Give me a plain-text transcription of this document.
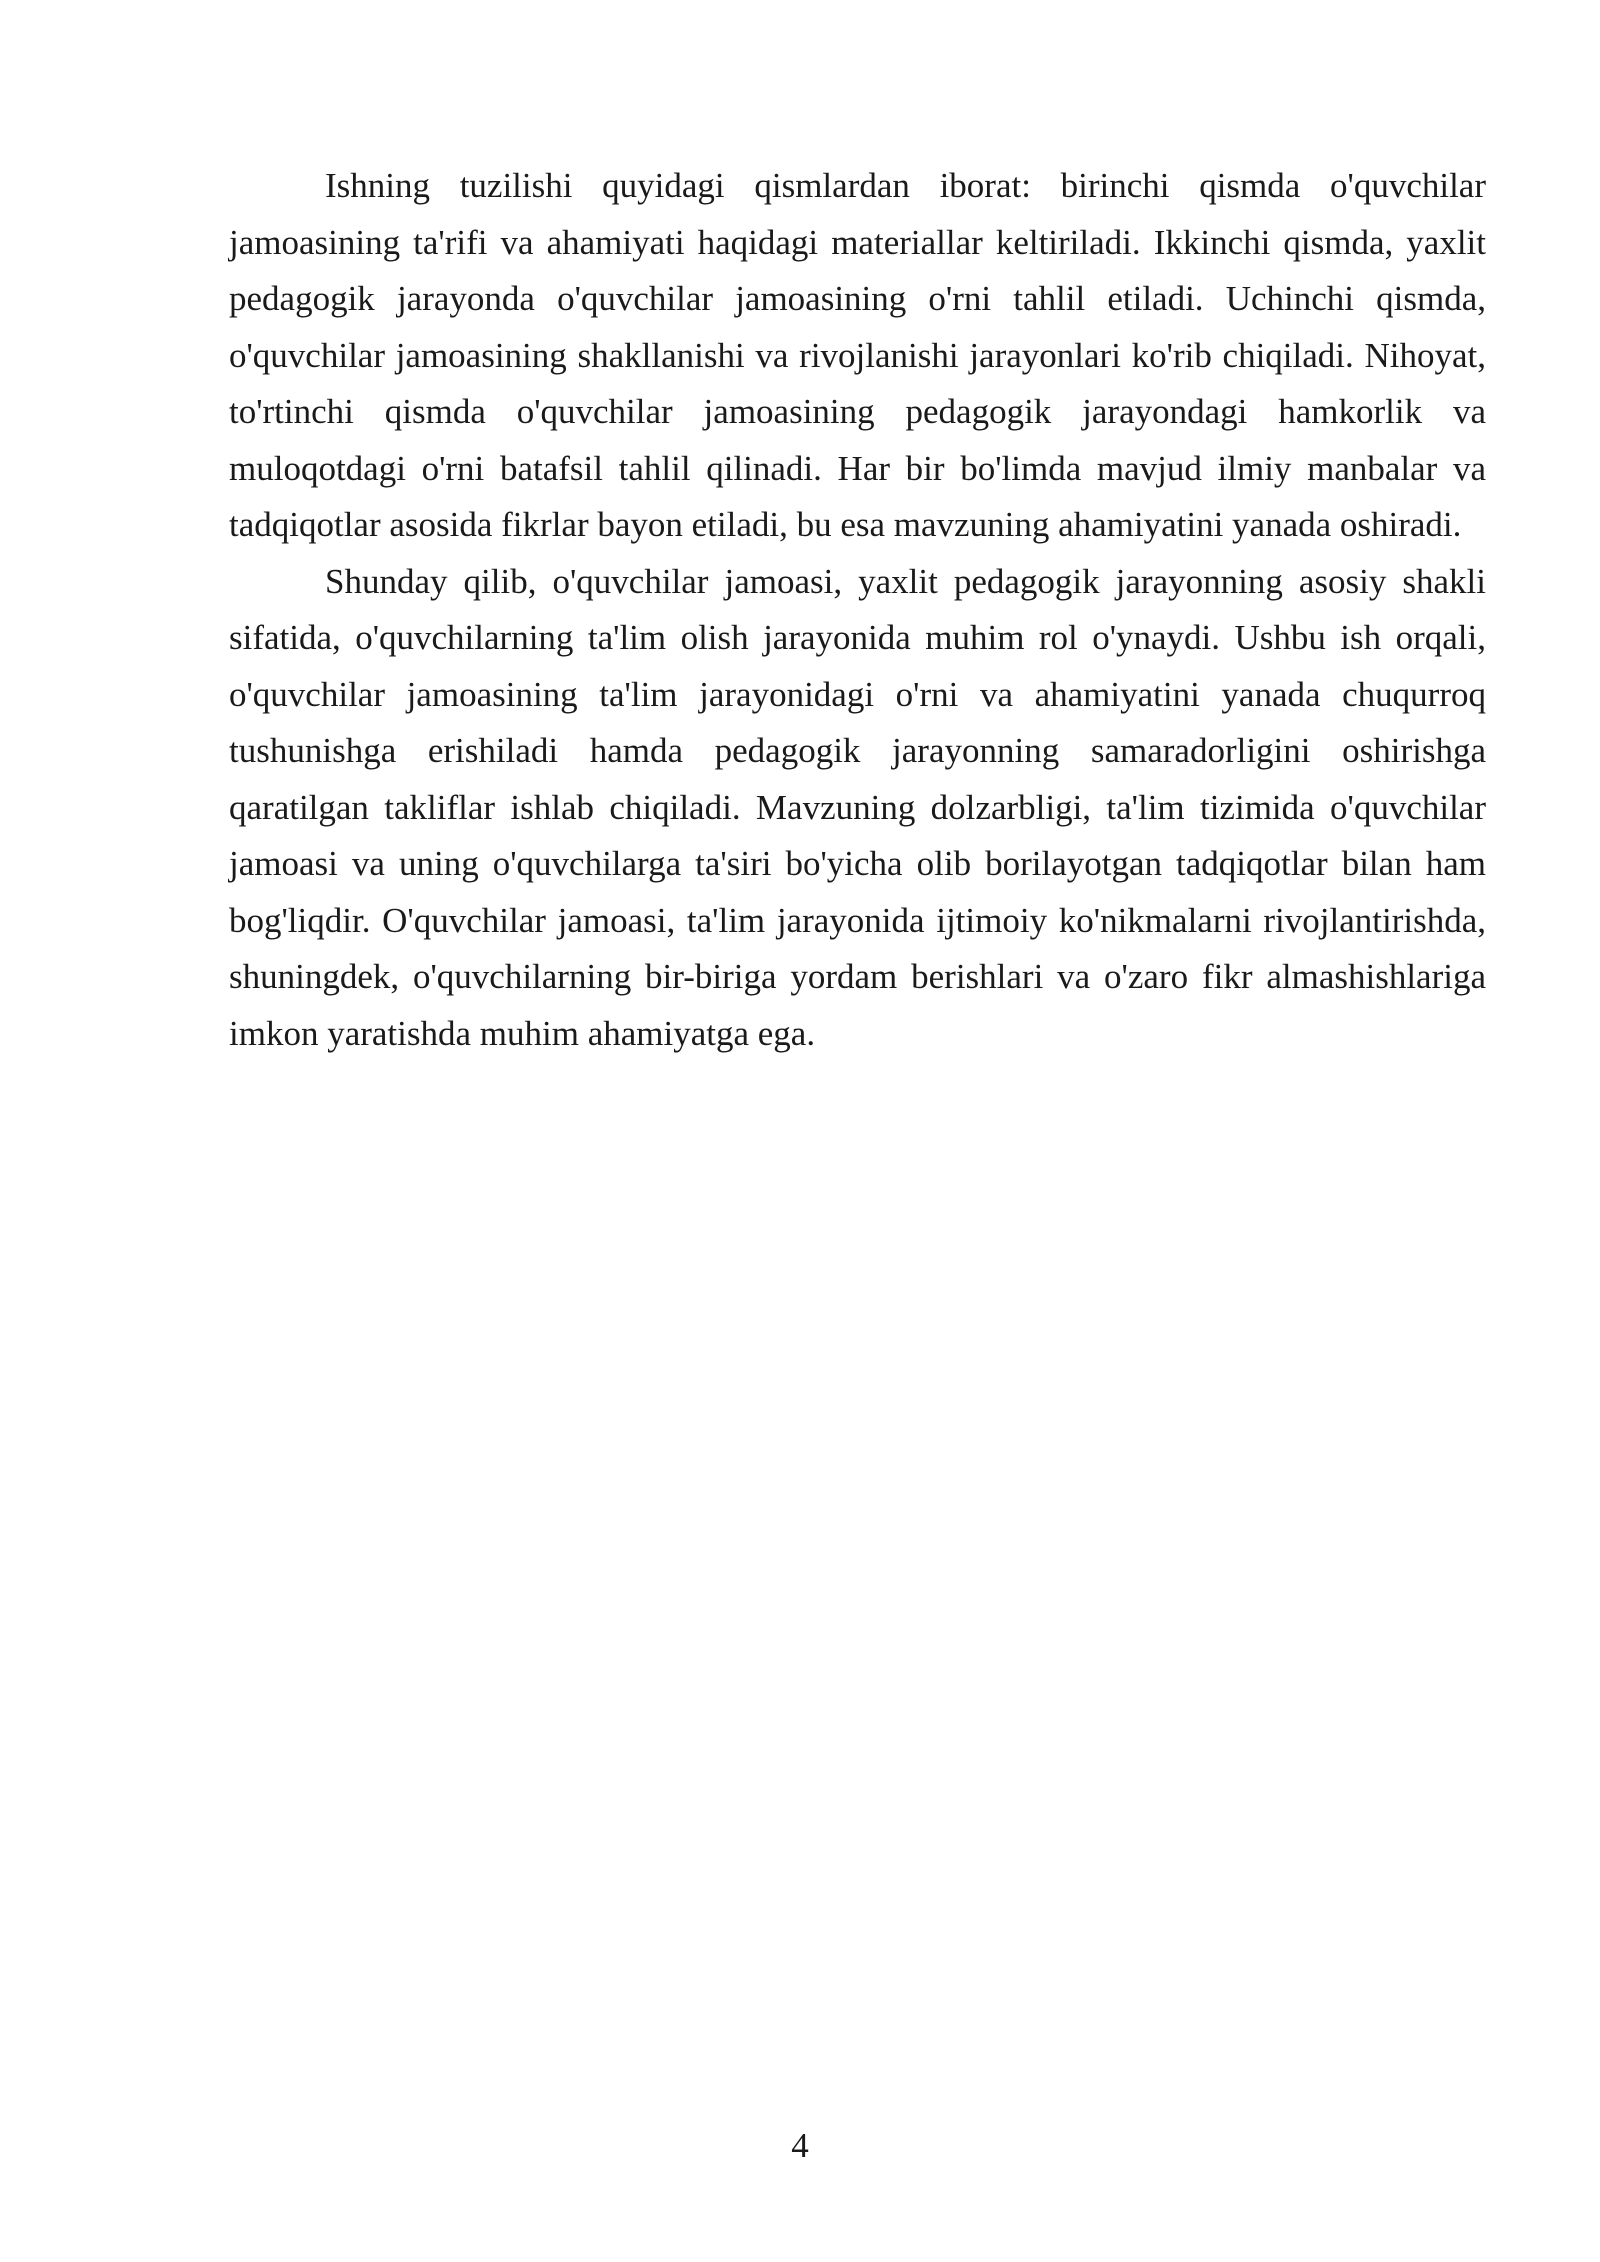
Ishning tuzilishi quyidagi qismlardan iborat: birinchi qismda o'quvchilar jamoasining ta'rifi va ahamiyati haqidagi materiallar keltiriladi. Ikkinchi qismda, yaxlit pedagogik jarayonda o'quvchilar jamoasining o'rni tahlil etiladi. Uchinchi qismda, o'quvchilar jamoasining shakllanishi va rivojlanishi jarayonlari ko'rib chiqiladi. Nihoyat, to'rtinchi qismda o'quvchilar jamoasining pedagogik jarayondagi hamkorlik va muloqotdagi o'rni batafsil tahlil qilinadi. Har bir bo'limda mavjud ilmiy manbalar va tadqiqotlar asosida fikrlar bayon etiladi, bu esa mavzuning ahamiyatini yanada oshiradi.

Shunday qilib, o'quvchilar jamoasi, yaxlit pedagogik jarayonning asosiy shakli sifatida, o'quvchilarning ta'lim olish jarayonida muhim rol o'ynaydi. Ushbu ish orqali, o'quvchilar jamoasining ta'lim jarayonidagi o'rni va ahamiyatini yanada chuqurroq tushunishga erishiladi hamda pedagogik jarayonning samaradorligini oshirishga qaratilgan takliflar ishlab chiqiladi. Mavzuning dolzarbligi, ta'lim tizimida o'quvchilar jamoasi va uning o'quvchilarga ta'siri bo'yicha olib borilayotgan tadqiqotlar bilan ham bog'liqdir. O'quvchilar jamoasi, ta'lim jarayonida ijtimoiy ko'nikmalarni rivojlantirishda, shuningdek, o'quvchilarning bir-biriga yordam berishlari va o'zaro fikr almashishlariga imkon yaratishda muhim ahamiyatga ega.

4
